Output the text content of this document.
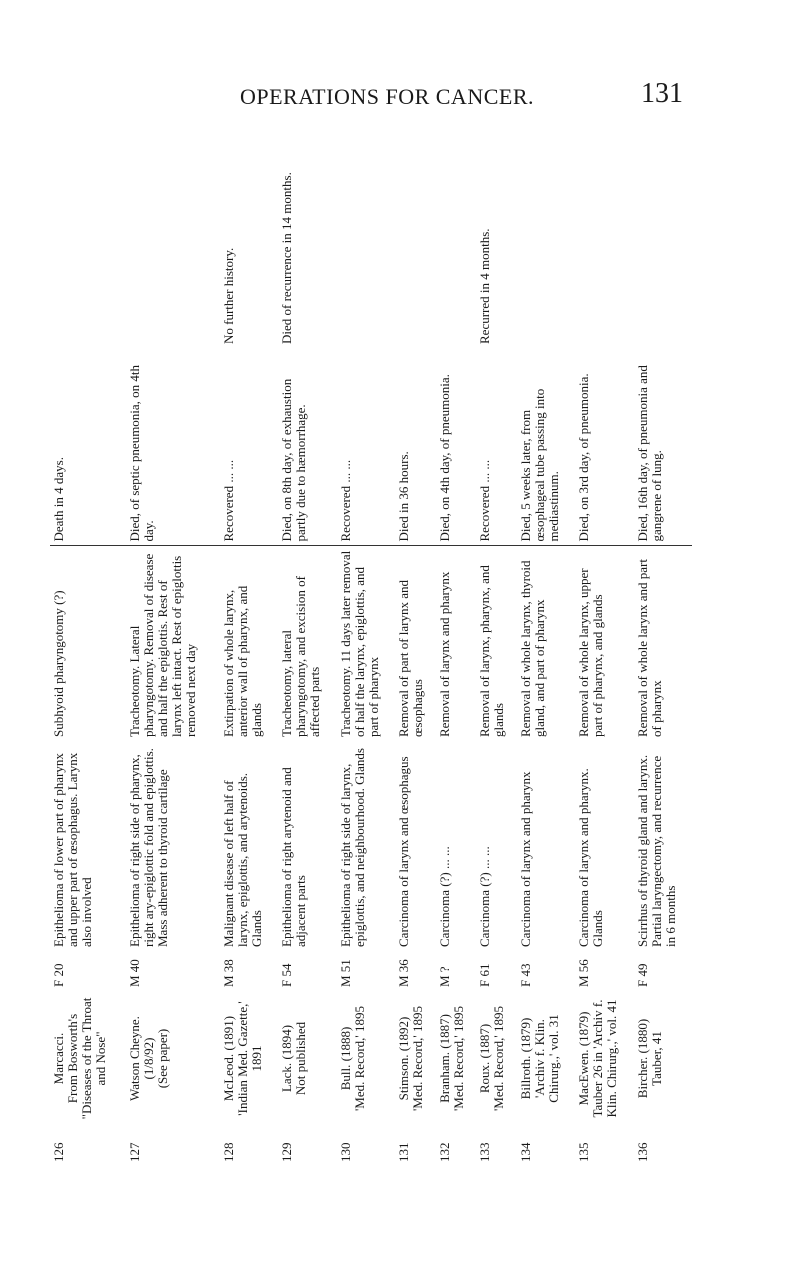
OPERATIONS FOR CANCER.	131
126	Marcacci. From Bosworth's "Diseases of the Throat and Nose"	F 20	Epithelioma of lower part of pharynx and upper part of œsophagus. Larynx also involved	Subhyoid pharyngotomy (?)	Death in 4 days.	

127	Watson Cheyne. (1/8/92) (See paper)	M 40	Epithelioma of right side of pharynx, right ary-epiglottic fold and epiglottis. Mass adherent to thyroid cartilage	Tracheotomy. Lateral pharyngotomy. Removal of disease and half the epiglottis. Rest of larynx left intact. Rest of epiglottis removed next day	Died, of septic pneumonia, on 4th day.	

128	McLeod. (1891) 'Indian Med. Gazette,' 1891	M 38	Malignant disease of left half of larynx, epiglottis, and arytenoids. Glands	Extirpation of whole larynx, anterior wall of pharynx, and glands	Recovered ... ...	No further history.

129	Lack. (1894) Not published	F 54	Epithelioma of right arytenoid and adjacent parts	Tracheotomy, lateral pharyngotomy, and excision of affected parts	Died, on 8th day, of exhaustion partly due to hæmorrhage.	Died of recurrence in 14 months.

130	Bull. (1888) 'Med. Record,' 1895	M 51	Epithelioma of right side of larynx, epiglottis, and neighbourhood. Glands	Tracheotomy. 11 days later removal of half the larynx, epiglottis, and part of pharynx	Recovered ... ...	

131	Stimson. (1892) 'Med. Record,' 1895	M 36	Carcinoma of larynx and œsophagus	Removal of part of larynx and œsophagus	Died in 36 hours.	

132	Branham. (1887) 'Med. Record,' 1895	M ?	Carcinoma (?) ... ...	Removal of larynx and pharynx	Died, on 4th day, of pneumonia.	

133	Roux. (1887) 'Med. Record,' 1895	F 61	Carcinoma (?) ... ...	Removal of larynx, pharynx, and glands	Recovered ... ...	Recurred in 4 months.

134	Billroth. (1879) 'Archiv f. Klin. Chirurg.,' vol. 31	F 43	Carcinoma of larynx and pharynx	Removal of whole larynx, thyroid gland, and part of pharynx	Died, 5 weeks later, from œsophageal tube passing into mediastinum.	

135	MacEwen. (1879) Tauber 26 in 'Archiv f. Klin. Chirurg.,' vol. 41	M 56	Carcinoma of larynx and pharynx. Glands	Removal of whole larynx, upper part of pharynx, and glands	Died, on 3rd day, of pneumonia.	

136	Bircher. (1880) Tauber, 41	F 49	Scirrhus of thyroid gland and larynx. Partial laryngectomy, and recurrence in 6 months	Removal of whole larynx and part of pharynx	Died, 16th day, of pneumonia and gangrene of lung.	
